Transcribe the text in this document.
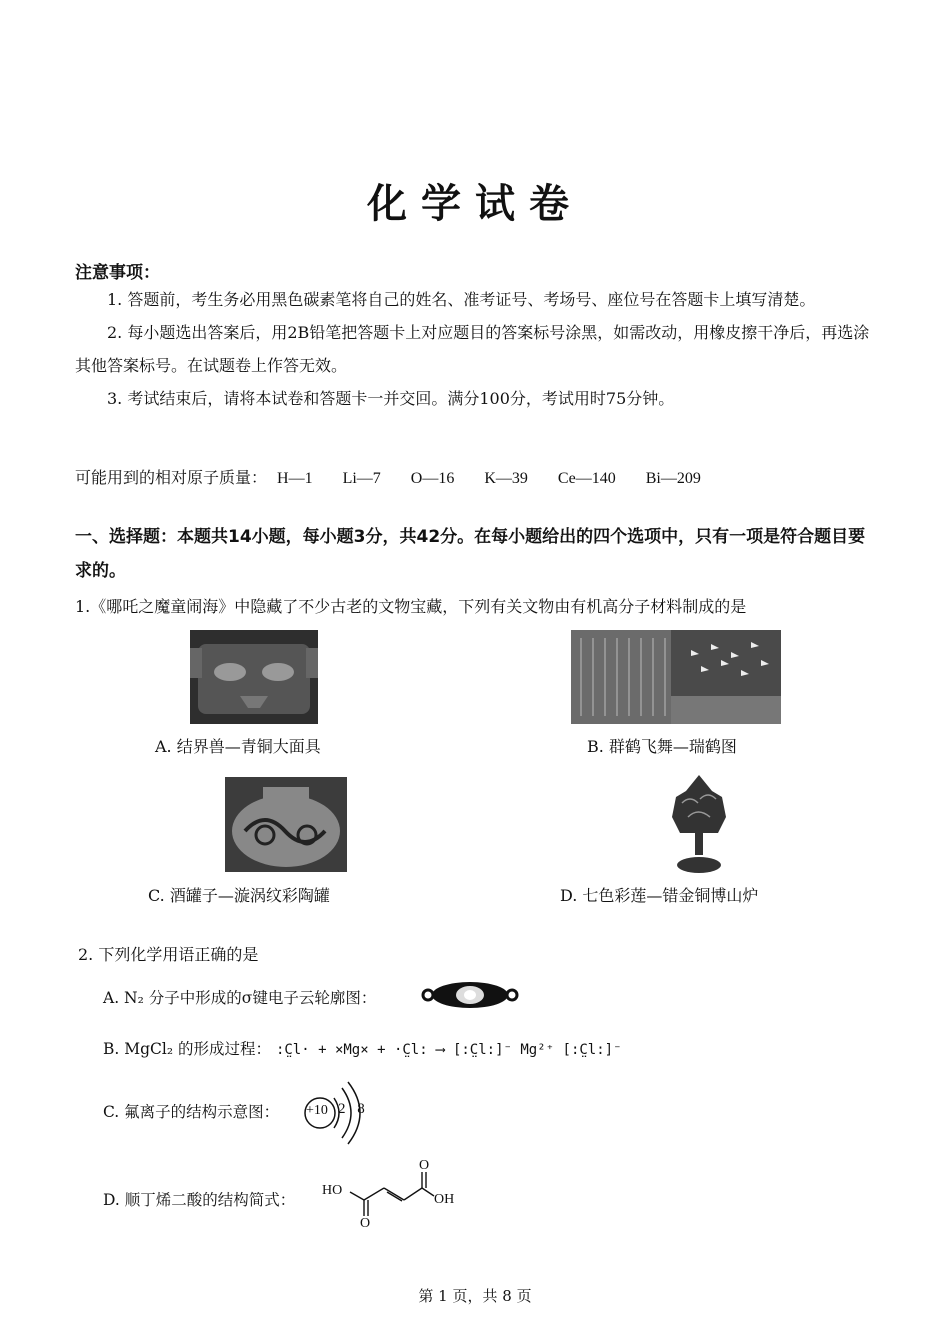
化学试卷
注意事项：

1. 答题前，考生务必用黑色碳素笔将自己的姓名、准考证号、考场号、座位号在答题卡上填写清楚。

2. 每小题选出答案后，用2B铅笔把答题卡上对应题目的答案标号涂黑，如需改动，用橡皮擦干净后，再选涂其他答案标号。在试题卷上作答无效。

3. 考试结束后，请将本试卷和答题卡一并交回。满分100分，考试用时75分钟。

可能用到的相对原子质量： H—1 Li—7 O—16 K—39 Ce—140 Bi—209
一、选择题：本题共14小题，每小题3分，共42分。在每小题给出的四个选项中，只有一项是符合题目要求的。
1.《哪吒之魔童闹海》中隐藏了不少古老的文物宝藏，下列有关文物由有机高分子材料制成的是
A. 结界兽—青铜大面具	B. 群鹤飞舞—瑞鹤图
C. 酒罐子—漩涡纹彩陶罐	D. 七色彩莲—错金铜博山炉
2. 下列化学用语正确的是
A. N₂ 分子中形成的σ键电子云轮廓图：
B. MgCl₂ 的形成过程： :C̤l· + ×Mg× + ·C̤l: ⟶ [:C̤l:]⁻ Mg²⁺ [:C̤l:]⁻
C. 氟离子的结构示意图： +10 2 8
D. 顺丁烯二酸的结构简式：
HO
O
O
OH
第 1 页，共 8 页
